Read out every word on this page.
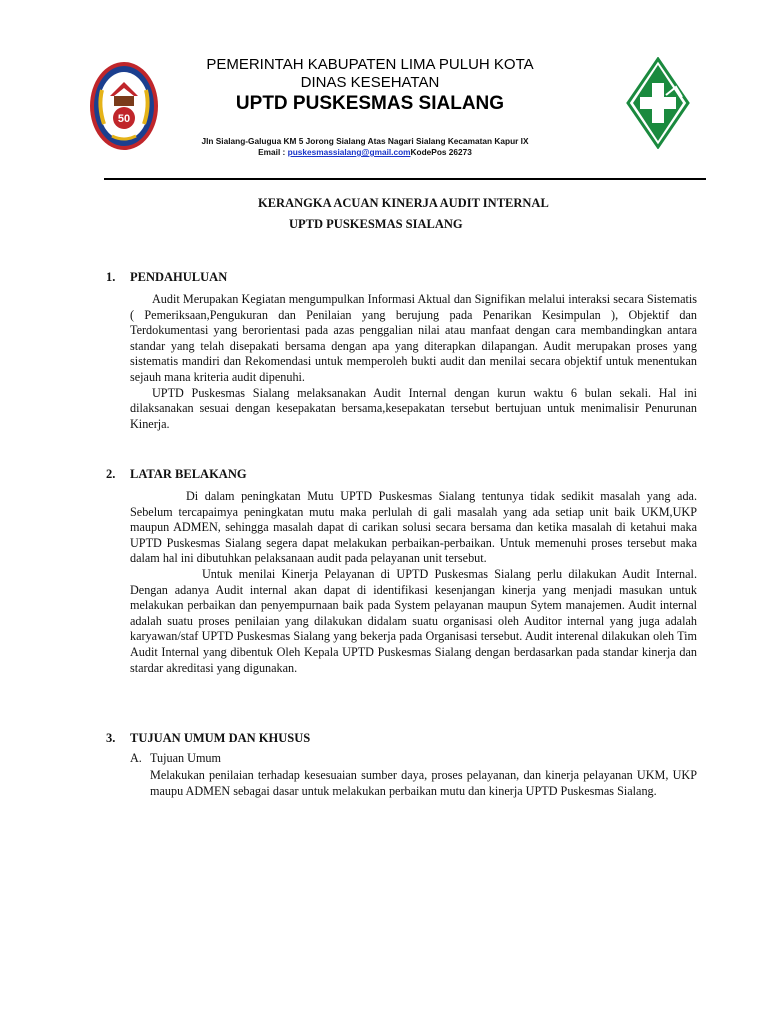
50
PEMERINTAH KABUPATEN LIMA PULUH KOTA
DINAS KESEHATAN
UPTD PUSKESMAS SIALANG
Jln Sialang-Galugua KM 5 Jorong Sialang Atas Nagari Sialang Kecamatan Kapur IX
Email : puskesmassialang@gmail.comKodePos 26273
KERANGKA ACUAN KINERJA AUDIT INTERNAL
UPTD PUSKESMAS SIALANG
1. PENDAHULUAN

Audit Merupakan Kegiatan mengumpulkan Informasi Aktual dan Signifikan melalui interaksi secara Sistematis ( Pemeriksaan,Pengukuran dan Penilaian yang berujung pada Penarikan Kesimpulan ), Objektif dan Terdokumentasi yang berorientasi pada azas penggalian nilai atau manfaat dengan cara membandingkan antara standar yang telah disepakati bersama dengan apa yang diterapkan dilapangan. Audit merupakan proses yang sistematis mandiri dan Rekomendasi untuk memperoleh bukti audit dan menilai secara objektif untuk menentukan sejauh mana kriteria audit dipenuhi.

UPTD Puskesmas Sialang melaksanakan Audit Internal dengan kurun waktu 6 bulan sekali. Hal ini dilaksanakan sesuai dengan kesepakatan bersama,kesepakatan tersebut bertujuan untuk menimalisir Penurunan Kinerja.

2. LATAR BELAKANG

Di dalam peningkatan Mutu UPTD Puskesmas Sialang tentunya tidak sedikit masalah yang ada. Sebelum tercapaimya peningkatan mutu maka perlulah di gali masalah yang ada setiap unit baik UKM,UKP maupun ADMEN, sehingga masalah dapat di carikan solusi secara bersama dan ketika masalah di ketahui maka UPTD Puskesmas Sialang segera dapat melakukan perbaikan-perbaikan. Untuk memenuhi proses tersebut maka dalam hal ini dibutuhkan pelaksanaan audit pada pelayanan unit tersebut.

Untuk menilai Kinerja Pelayanan di UPTD Puskesmas Sialang perlu dilakukan Audit Internal. Dengan adanya Audit internal akan dapat di identifikasi kesenjangan kinerja yang menjadi masukan untuk melakukan perbaikan dan penyempurnaan baik pada System pelayanan maupun Sytem manajemen. Audit internal adalah suatu proses penilaian yang dilakukan didalam suatu organisasi oleh Auditor internal yang juga adalah karyawan/staf UPTD Puskesmas Sialang yang bekerja pada Organisasi tersebut. Audit interenal dilakukan oleh Tim Audit Internal yang dibentuk Oleh Kepala UPTD Puskesmas Sialang dengan berdasarkan pada standar kinerja dan stardar akreditasi yang digunakan.

3. TUJUAN UMUM DAN KHUSUS
A. Tujuan Umum

Melakukan penilaian terhadap kesesuaian sumber daya, proses pelayanan, dan kinerja pelayanan UKM, UKP maupu ADMEN sebagai dasar untuk melakukan perbaikan mutu dan kinerja UPTD Puskesmas Sialang.
